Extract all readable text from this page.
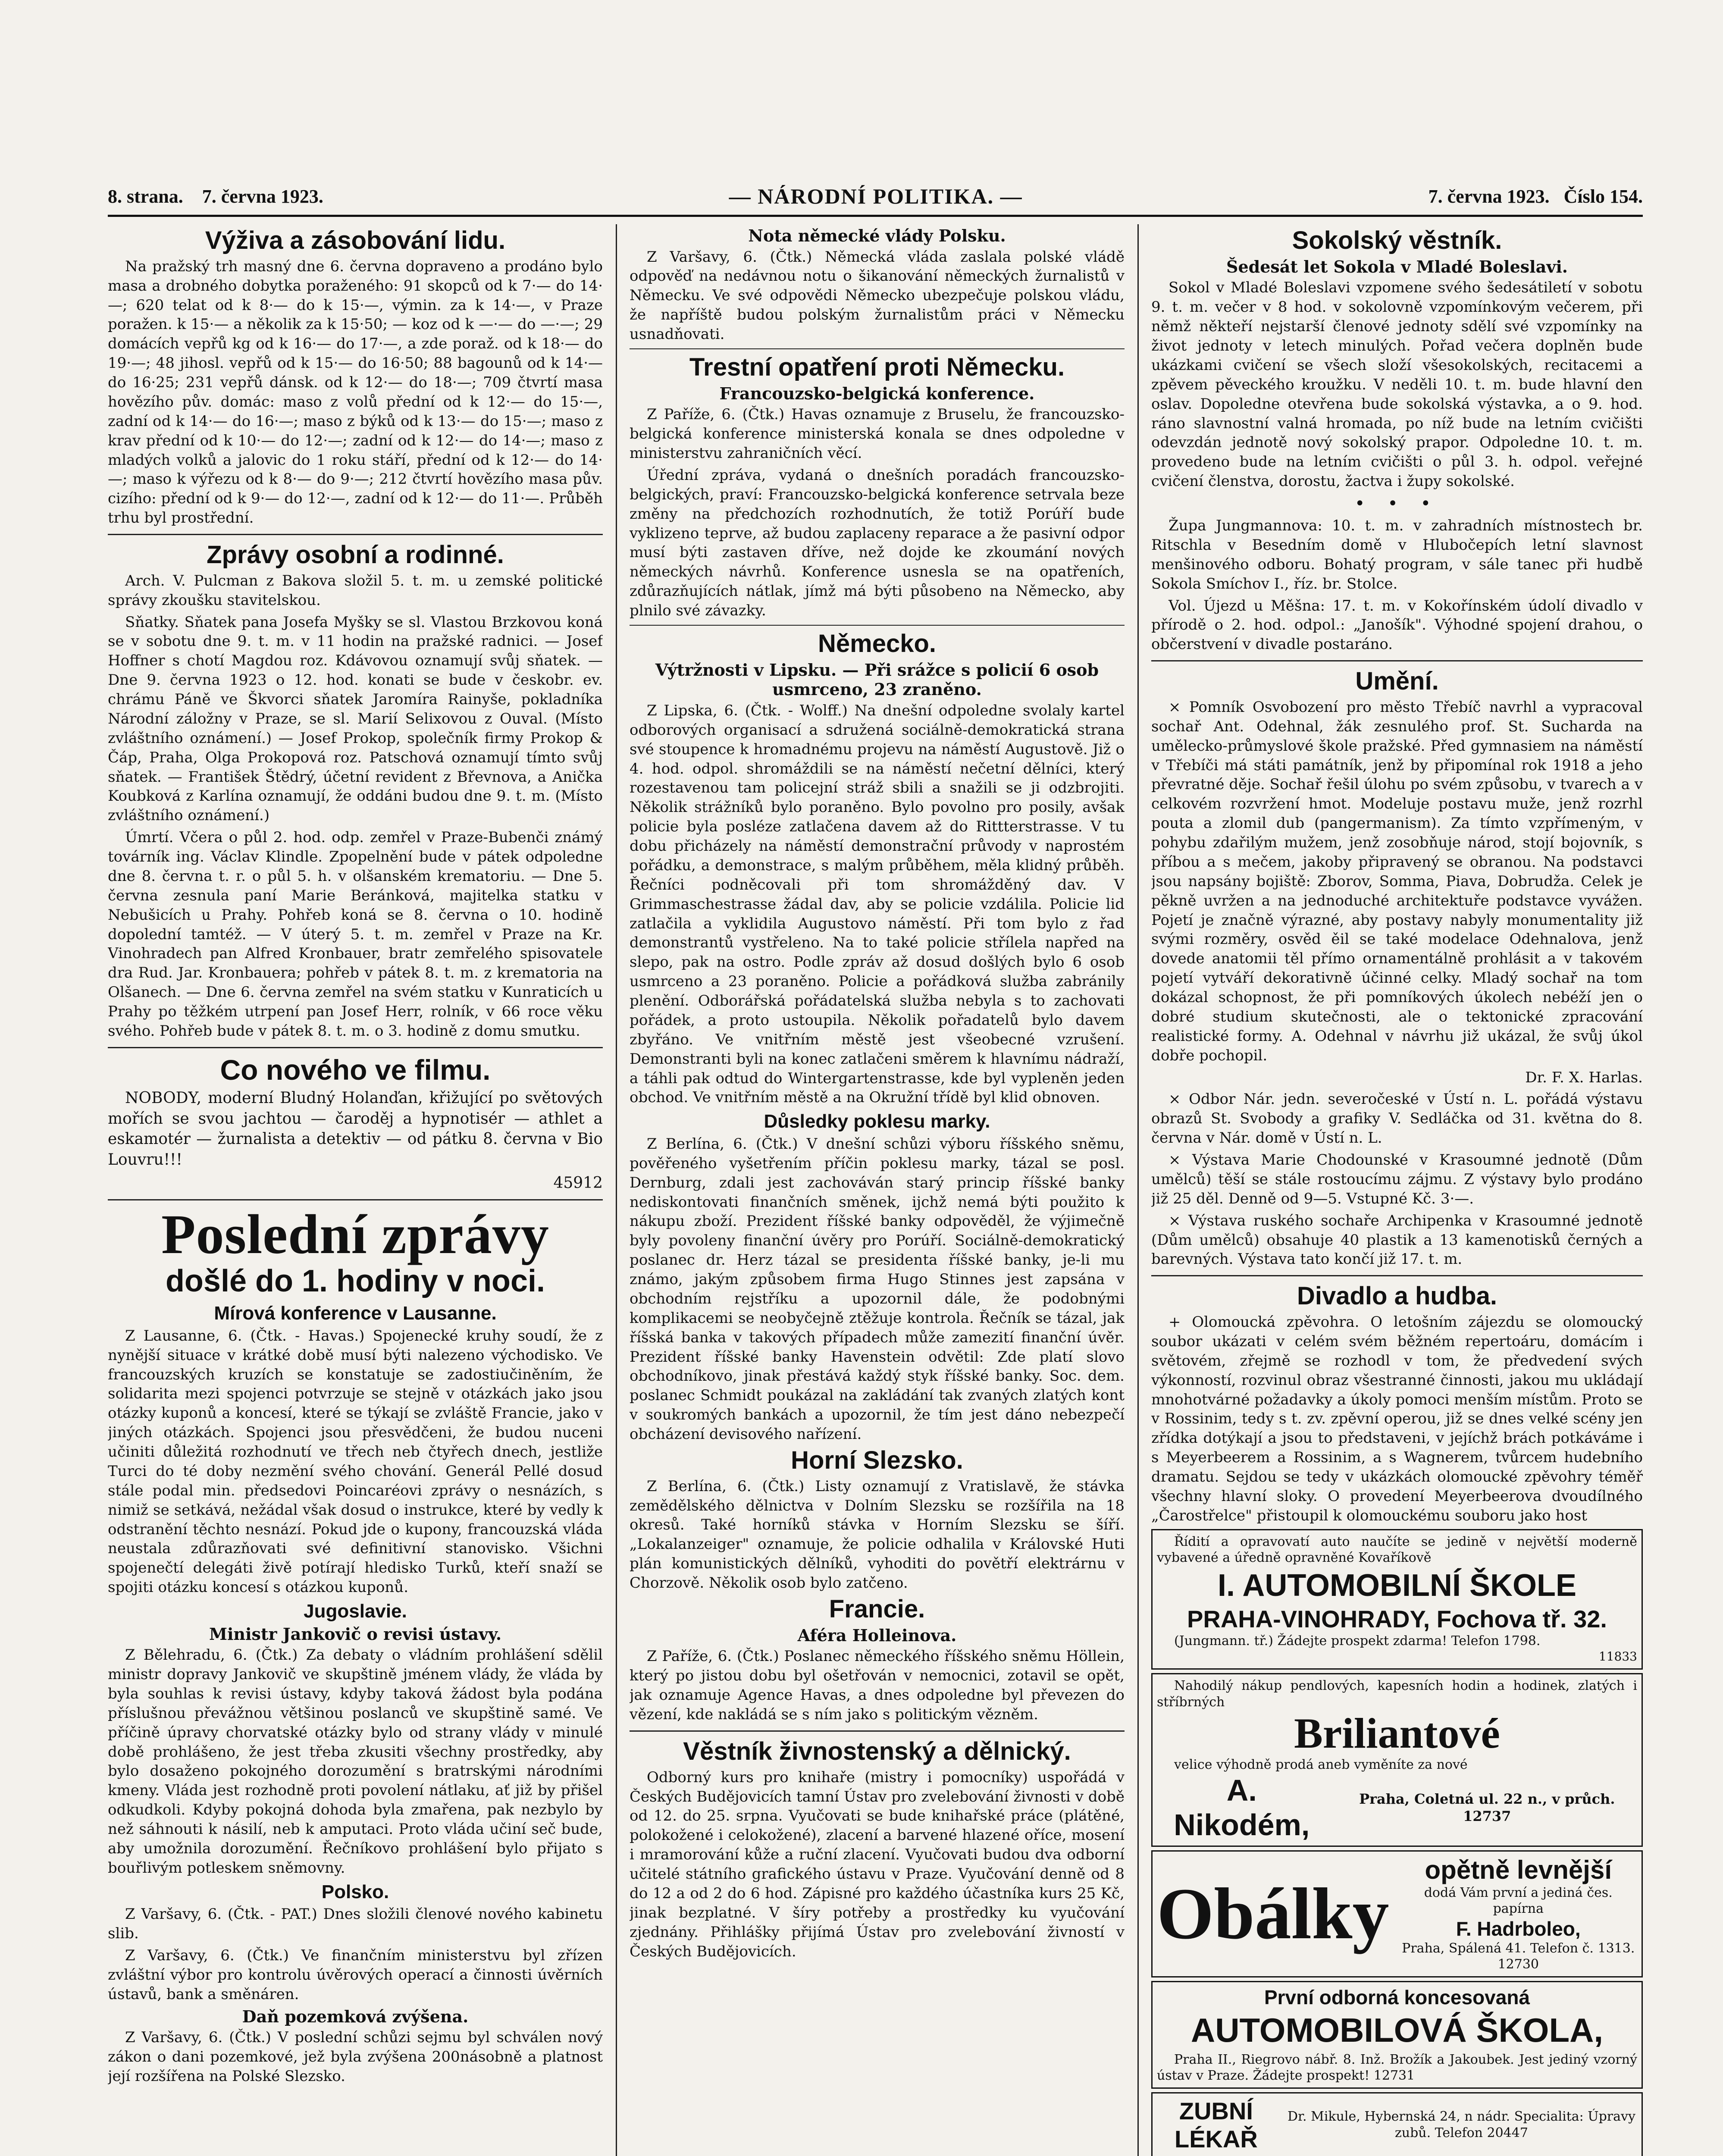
8. strana. 7. června 1923.	— NÁRODNÍ POLITIKA. —	7. června 1923. Číslo 154.
Výživa a zásobování lidu.

Na pražský trh masný dne 6. června dopraveno a prodáno bylo masa a drobného dobytka poraženého: 91 skopců od k 7·— do 14·—; 620 telat od k 8·— do k 15·—, výmin. za k 14·—, v Praze poražen. k 15·— a několik za k 15·50; — koz od k —·— do —·—; 29 domácích vepřů kg od k 16·— do 17·—, a zde poraž. od k 18·— do 19·—; 48 jihosl. vepřů od k 15·— do 16·50; 88 bagounů od k 14·— do 16·25; 231 vepřů dánsk. od k 12·— do 18·—; 709 čtvrtí masa hovězího pův. domác: maso z volů přední od k 12·— do 15·—, zadní od k 14·— do 16·—; maso z býků od k 13·— do 15·—; maso z krav přední od k 10·— do 12·—; zadní od k 12·— do 14·—; maso z mladých volků a jalovic do 1 roku stáří, přední od k 12·— do 14·—; maso k výřezu od k 8·— do 9·—; 212 čtvrtí hovězího masa pův. cizího: přední od k 9·— do 12·—, zadní od k 12·— do 11·—. Průběh trhu byl prostřední.

Zprávy osobní a rodinné.

Arch. V. Pulcman z Bakova složil 5. t. m. u zemské politické správy zkoušku stavitelskou.

Sňatky. Sňatek pana Josefa Myšky se sl. Vlastou Brzkovou koná se v sobotu dne 9. t. m. v 11 hodin na pražské radnici. — Josef Hoffner s chotí Magdou roz. Kdávovou oznamují svůj sňatek. — Dne 9. června 1923 o 12. hod. konati se bude v českobr. ev. chrámu Páně ve Škvorci sňatek Jaromíra Rainyše, pokladníka Národní záložny v Praze, se sl. Marií Selixovou z Ouval. (Místo zvláštního oznámení.) — Josef Prokop, společník firmy Prokop & Čáp, Praha, Olga Prokopová roz. Patschová oznamují tímto svůj sňatek. — František Štědrý, účetní revident z Břevnova, a Anička Koubková z Karlína oznamují, že oddáni budou dne 9. t. m. (Místo zvláštního oznámení.)

Úmrtí. Včera o půl 2. hod. odp. zemřel v Praze-Bubenči známý továrník ing. Václav Klindle. Zpopelnění bude v pátek odpoledne dne 8. června t. r. o půl 5. h. v olšanském krematoriu. — Dne 5. června zesnula paní Marie Beránková, majitelka statku v Nebušicích u Prahy. Pohřeb koná se 8. června o 10. hodině dopolední tamtéž. — V úterý 5. t. m. zemřel v Praze na Kr. Vinohradech pan Alfred Kronbauer, bratr zemřelého spisovatele dra Rud. Jar. Kronbauera; pohřeb v pátek 8. t. m. z krematoria na Olšanech. — Dne 6. června zemřel na svém statku v Kunraticích u Prahy po těžkém utrpení pan Josef Herr, rolník, v 66 roce věku svého. Pohřeb bude v pátek 8. t. m. o 3. hodině z domu smutku.

Co nového ve filmu.

NOBODY, moderní Bludný Holanďan, křižující po světových mořích se svou jachtou — čaroděj a hypnotisér — athlet a eskamotér — žurnalista a detektiv — od pátku 8. června v Bio Louvru!!!

45912

Poslední zprávy
došlé do 1. hodiny v noci.
Mírová konference v Lausanne.

Z Lausanne, 6. (Čtk. - Havas.) Spojenecké kruhy soudí, že z nynější situace v krátké době musí býti nalezeno východisko. Ve francouzských kruzích se konstatuje se zadostiučiněním, že solidarita mezi spojenci potvrzuje se stejně v otázkách jako jsou otázky kuponů a koncesí, které se týkají se zvláště Francie, jako v jiných otázkách. Spojenci jsou přesvědčeni, že budou nuceni učiniti důležitá rozhodnutí ve třech neb čtyřech dnech, jestliže Turci do té doby nezmění svého chování. Generál Pellé dosud stále podal min. předsedovi Poincaréovi zprávy o nesnázích, s nimiž se setkává, nežádal však dosud o instrukce, které by vedly k odstranění těchto nesnází. Pokud jde o kupony, francouzská vláda neustala zdůrazňovati své definitivní stanovisko. Všichni spojenečtí delegáti živě potírají hledisko Turků, kteří snaží se spojiti otázku koncesí s otázkou kuponů.

Jugoslavie.
Ministr Jankovič o revisi ústavy.

Z Bělehradu, 6. (Čtk.) Za debaty o vládním prohlášení sdělil ministr dopravy Jankovič ve skupštině jménem vlády, že vláda by byla souhlas k revisi ústavy, kdyby taková žádost byla podána příslušnou převážnou většinou poslanců ve skupštině samé. Ve příčině úpravy chorvatské otázky bylo od strany vlády v minulé době prohlášeno, že jest třeba zkusiti všechny prostředky, aby bylo dosaženo pokojného dorozumění s bratrskými národními kmeny. Vláda jest rozhodně proti povolení nátlaku, ať již by přišel odkudkoli. Kdyby pokojná dohoda byla zmařena, pak nezbylo by než sáhnouti k násilí, neb k amputaci. Proto vláda učiní seč bude, aby umožnila dorozumění. Řečníkovo prohlášení bylo přijato s bouřlivým potleskem sněmovny.

Polsko.

Z Varšavy, 6. (Čtk. - PAT.) Dnes složili členové nového kabinetu slib.

Z Varšavy, 6. (Čtk.) Ve finančním ministerstvu byl zřízen zvláštní výbor pro kontrolu úvěrových operací a činnosti úvěrních ústavů, bank a směnáren.

Daň pozemková zvýšena.

Z Varšavy, 6. (Čtk.) V poslední schůzi sejmu byl schválen nový zákon o dani pozemkové, jež byla zvýšena 200násobně a platnost její rozšířena na Polské Slezsko.

Nota německé vlády Polsku.

Z Varšavy, 6. (Čtk.) Německá vláda zaslala polské vládě odpověď na nedávnou notu o šikanování německých žurnalistů v Německu. Ve své odpovědi Německo ubezpečuje polskou vládu, že napříště budou polským žurnalistům práci v Německu usnadňovati.

Trestní opatření proti Německu.
Francouzsko-belgická konference.

Z Paříže, 6. (Čtk.) Havas oznamuje z Bruselu, že francouzsko-belgická konference ministerská konala se dnes odpoledne v ministerstvu zahraničních věcí.

Úřední zpráva, vydaná o dnešních poradách francouzsko-belgických, praví: Francouzsko-belgická konference setrvala beze změny na předchozích rozhodnutích, že totiž Porúří bude vyklizeno teprve, až budou zaplaceny reparace a že pasivní odpor musí býti zastaven dříve, než dojde ke zkoumání nových německých návrhů. Konference usnesla se na opatřeních, zdůrazňujících nátlak, jímž má býti působeno na Německo, aby plnilo své závazky.

Německo.
Výtržnosti v Lipsku. — Při srážce s policií 6 osob usmrceno, 23 zraněno.

Z Lipska, 6. (Čtk. - Wolff.) Na dnešní odpoledne svolaly kartel odborových organisací a sdružená sociálně-demokratická strana své stoupence k hromadnému projevu na náměstí Augustově. Již o 4. hod. odpol. shromáždili se na náměstí nečetní dělníci, který rozestavenou tam policejní stráž sbili a snažili se ji odzbrojiti. Několik strážníků bylo poraněno. Bylo povolno pro posily, avšak policie byla posléze zatlačena davem až do Rittterstrasse. V tu dobu přicházely na náměstí demonstrační průvody v naprostém pořádku, a demonstrace, s malým průběhem, měla klidný průběh. Řečníci podněcovali při tom shromážděný dav. V Grimmaschestrasse žádal dav, aby se policie vzdálila. Policie lid zatlačila a vyklidila Augustovo náměstí. Při tom bylo z řad demonstrantů vystřeleno. Na to také policie střílela napřed na slepo, pak na ostro. Podle zpráv až dosud došlých bylo 6 osob usmrceno a 23 poraněno. Policie a pořádková služba zabránily plenění. Odborářská pořádatelská služba nebyla s to zachovati pořádek, a proto ustoupila. Několik pořadatelů bylo davem zbyřáno. Ve vnitřním městě jest všeobecné vzrušení. Demonstranti byli na konec zatlačeni směrem k hlavnímu nádraží, a táhli pak odtud do Wintergartenstrasse, kde byl vypleněn jeden obchod. Ve vnitřním městě a na Okružní třídě byl klid obnoven.

Důsledky poklesu marky.

Z Berlína, 6. (Čtk.) V dnešní schůzi výboru říšského sněmu, pověřeného vyšetřením příčin poklesu marky, tázal se posl. Dernburg, zdali jest zachováván starý princip říšské banky nediskontovati finančních směnek, ijchž nemá býti použito k nákupu zboží. Prezident říšské banky odpověděl, že výjimečně byly povoleny finanční úvěry pro Porúří. Sociálně-demokratický poslanec dr. Herz tázal se presidenta říšské banky, je-li mu známo, jakým způsobem firma Hugo Stinnes jest zapsána v obchodním rejstříku a upozornil dále, že podobnými komplikacemi se neobyčejně ztěžuje kontrola. Řečník se tázal, jak říšská banka v takových případech může zamezití finanční úvěr. Prezident říšské banky Havenstein odvětil: Zde platí slovo obchodníkovo, jinak přestává každý styk říšské banky. Soc. dem. poslanec Schmidt poukázal na zakládání tak zvaných zlatých kont v soukromých bankách a upozornil, že tím jest dáno nebezpečí obcházení devisového nařízení.

Horní Slezsko.

Z Berlína, 6. (Čtk.) Listy oznamují z Vratislavě, že stávka zemědělského dělnictva v Dolním Slezsku se rozšířila na 18 okresů. Také horníků stávka v Horním Slezsku se šíří. „Lokalanzeiger" oznamuje, že policie odhalila v Královské Huti plán komunistických dělníků, vyhoditi do povětří elektrárnu v Chorzově. Několik osob bylo zatčeno.

Francie.
Aféra Holleinova.

Z Paříže, 6. (Čtk.) Poslanec německého říšského sněmu Höllein, který po jistou dobu byl ošetřován v nemocnici, zotavil se opět, jak oznamuje Agence Havas, a dnes odpoledne byl převezen do vězení, kde nakládá se s ním jako s politickým vězněm.

Věstník živnostenský a dělnický.

Odborný kurs pro knihaře (mistry i pomocníky) uspořádá v Českých Budějovicích tamní Ústav pro zvelebování živnosti v době od 12. do 25. srpna. Vyučovati se bude knihařské práce (plátěné, polokožené i celokožené), zlacení a barvené hlazené oříce, mosení i mramorování kůže a ruční zlacení. Vyučovati budou dva odborní učitelé státního grafického ústavu v Praze. Vyučování denně od 8 do 12 a od 2 do 6 hod. Zápisné pro každého účastníka kurs 25 Kč, jinak bezplatné. V šíry potřeby a prostředky ku vyučování zjednány. Přihlášky přijímá Ústav pro zvelebování živností v Českých Budějovicích.

Sokolský věstník.
Šedesát let Sokola v Mladé Boleslavi.

Sokol v Mladé Boleslavi vzpomene svého šedesátiletí v sobotu 9. t. m. večer v 8 hod. v sokolovně vzpomínkovým večerem, při němž někteří nejstarší členové jednoty sdělí své vzpomínky na život jednoty v letech minulých. Pořad večera doplněn bude ukázkami cvičení se všech složí všesokolských, recitacemi a zpěvem pěveckého kroužku. V neděli 10. t. m. bude hlavní den oslav. Dopoledne otevřena bude sokolská výstavka, a o 9. hod. ráno slavnostní valná hromada, po níž bude na letním cvičišti odevzdán jednotě nový sokolský prapor. Odpoledne 10. t. m. provedeno bude na letním cvičišti o půl 3. h. odpol. veřejné cvičení členstva, dorostu, žactva i župy sokolské.

• • •

Župa Jungmannova: 10. t. m. v zahradních místnostech br. Ritschla v Besedním domě v Hlubočepích letní slavnost menšinového odboru. Bohatý program, v sále tanec při hudbě Sokola Smíchov I., říz. br. Stolce.

Vol. Újezd u Měšna: 17. t. m. v Kokořínském údolí divadlo v přírodě o 2. hod. odpol.: „Janošík". Výhodné spojení drahou, o občerstvení v divadle postaráno.

Umění.

× Pomník Osvobození pro město Třebíč navrhl a vypracoval sochař Ant. Odehnal, žák zesnulého prof. St. Sucharda na umělecko-průmyslové škole pražské. Před gymnasiem na náměstí v Třebíči má státi památník, jenž by připomínal rok 1918 a jeho převratné děje. Sochař řešil úlohu po svém způsobu, v tvarech a v celkovém rozvržení hmot. Modeluje postavu muže, jenž rozrhl pouta a zlomil dub (pangermanism). Za tímto vzpřímeným, v pohybu zdařilým mužem, jenž zosobňuje národ, stojí bojovník, s příbou a s mečem, jakoby připravený se obranou. Na podstavci jsou napsány bojiště: Zborov, Somma, Piava, Dobrudža. Celek je pěkně uvržen a na jednoduché architektuře podstavce vyvážen. Pojetí je značně výrazné, aby postavy nabyly monumentality již svými rozměry, osvěd ěil se také modelace Odehnalova, jenž dovede anatomii těl přímo ornamentálně prohlásit a v takovém pojetí vytváří dekorativně účinné celky. Mladý sochař na tom dokázal schopnost, že při pomníkových úkolech nebéží jen o dobré studium skutečnosti, ale o tektonické zpracování realistické formy. A. Odehnal v návrhu již ukázal, že svůj úkol dobře pochopil.

Dr. F. X. Harlas.

× Odbor Nár. jedn. severočeské v Ústí n. L. pořádá výstavu obrazů St. Svobody a grafiky V. Sedláčka od 31. května do 8. června v Nár. domě v Ústí n. L.

× Výstava Marie Chodounské v Krasoumné jednotě (Dům umělců) těší se stále rostoucímu zájmu. Z výstavy bylo prodáno již 25 děl. Denně od 9—5. Vstupné Kč. 3·—.

× Výstava ruského sochaře Archipenka v Krasoumné jednotě (Dům umělců) obsahuje 40 plastik a 13 kamenotisků černých a barevných. Výstava tato končí již 17. t. m.

Divadlo a hudba.

+ Olomoucká zpěvohra. O letošním zájezdu se olomoucký soubor ukázati v celém svém běžném repertoáru, domácím i světovém, zřejmě se rozhodl v tom, že předvedení svých výkonností, rozvinul obraz všestranné činnosti, jakou mu ukládají mnohotvárné požadavky a úkoly pomoci menším místům. Proto se v Rossinim, tedy s t. zv. zpěvní operou, již se dnes velké scény jen zřídka dotýkají a jsou to představeni, v jejíchž brách potkáváme i s Meyerbeerem a Rossinim, a s Wagnerem, tvůrcem hudebního dramatu. Sejdou se tedy v ukázkách olomoucké zpěvohry téměř všechny hlavní sloky. O provedení Meyerbeerova dvoudílného „Čarostřelce" přistoupil k olomouckému souboru jako host

Řídití a opravovatí auto naučíte se jedině v největší moderně vybavené a úředně opravněné Kovaříkově

I. AUTOMOBILNÍ ŠKOLE
PRAHA-VINOHRADY, Fochova tř. 32.

(Jungmann. tř.) Žádejte prospekt zdarma! Telefon 1798.

11833

Nahodilý nákup pendlových, kapesních hodin a hodinek, zlatých i stříbrných

Briliantové

velice výhodně prodá aneb vyměníte za nové

A. Nikodém,
Praha, Coletná ul. 22 n., v průch. 12737
Obálky
opětně levnější
dodá Vám první a jediná čes. papírna
F. Hadrboleo,
Praha, Spálená 41. Telefon č. 1313. 12730
První odborná koncesovaná
AUTOMOBILOVÁ ŠKOLA,

Praha II., Riegrovo nábř. 8. Inž. Brožík a Jakoubek. Jest jediný vzorný ústav v Praze. Žádejte prospekt! 12731

ZUBNÍ LÉKAŘ
Dr. Mikule, Hybernská 24, n nádr. Specialita: Úpravy zubů. Telefon 20447
